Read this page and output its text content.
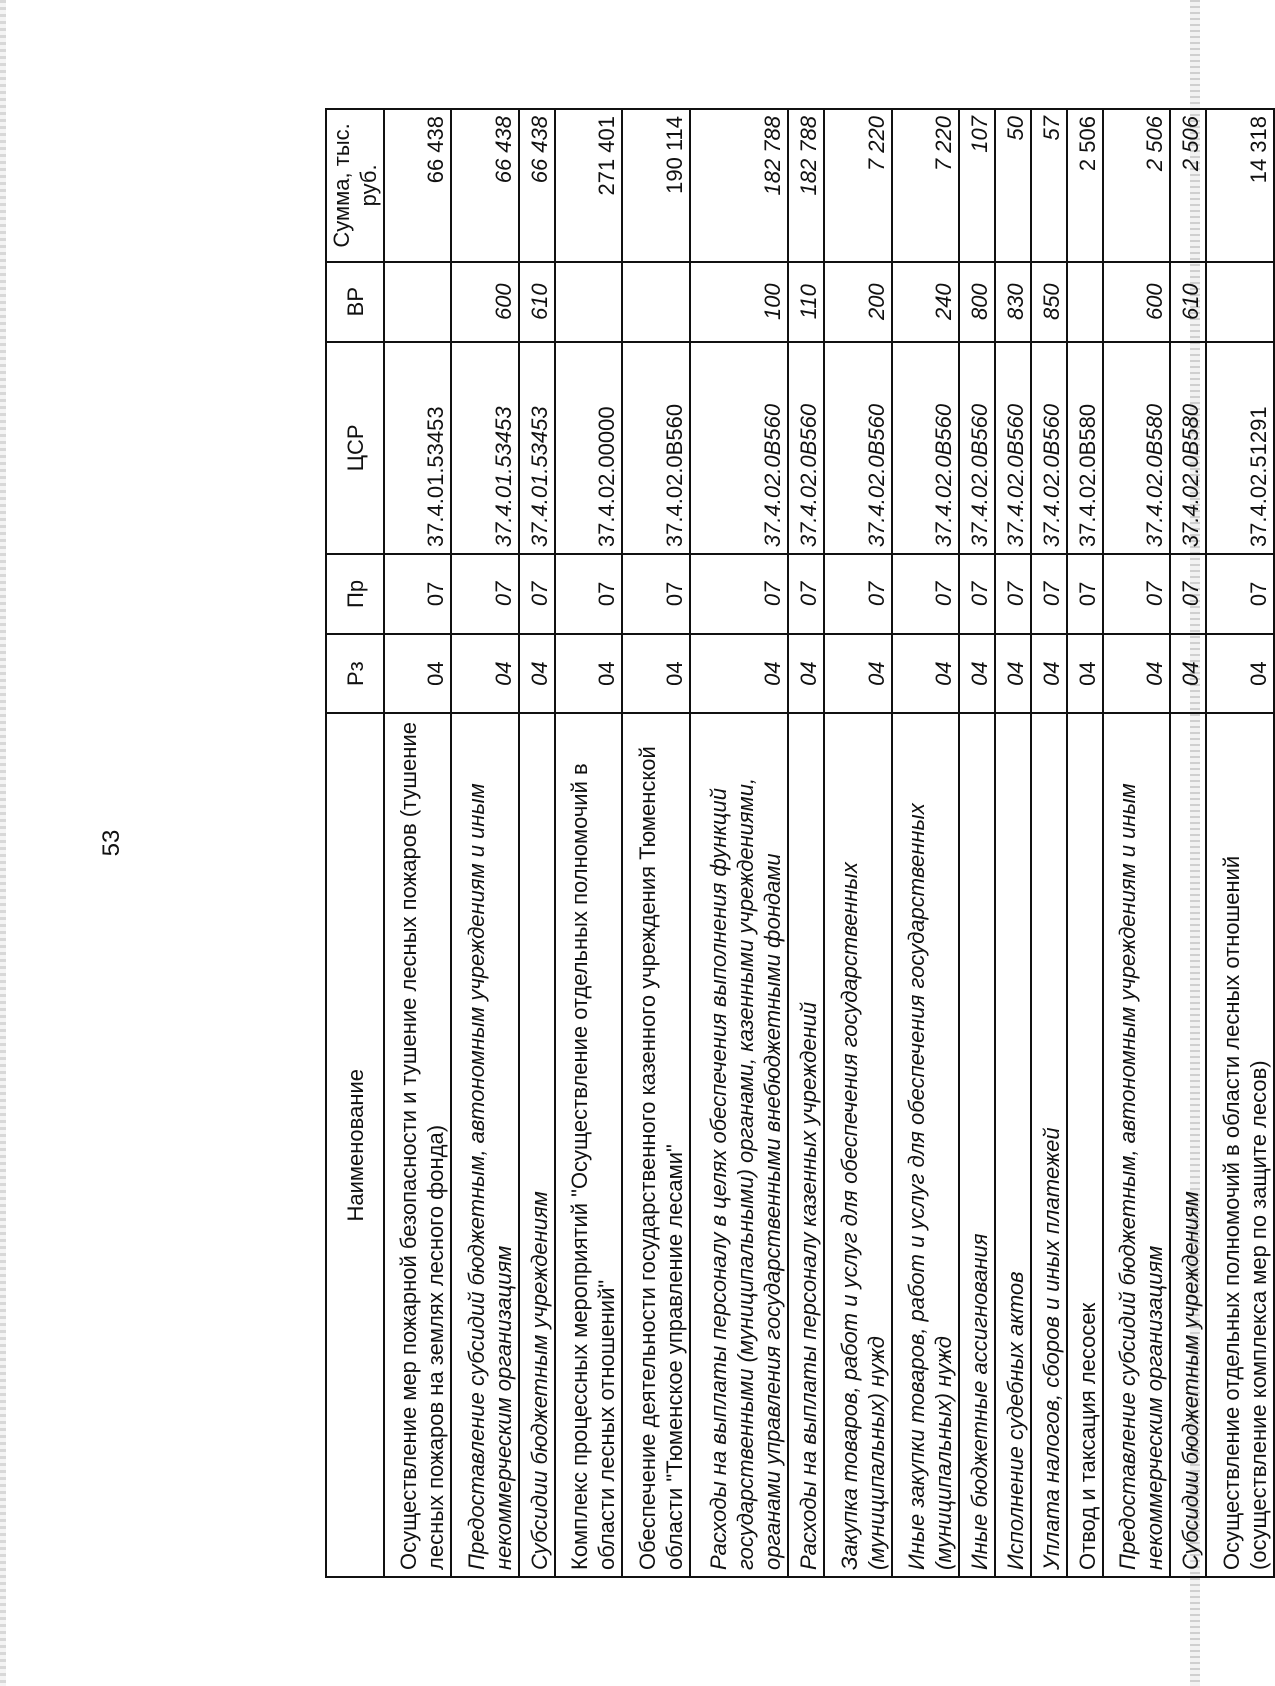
53
Наименование	Рз	Пр	ЦСР	ВР	Сумма, тыс. руб.
Осуществление мер пожарной безопасности и тушение лесных пожаров (тушение лесных пожаров на землях лесного фонда)	04	07	37.4.01.53453		66 438
Предоставление субсидий бюджетным, автономным учреждениям и иным некоммерческим организациям	04	07	37.4.01.53453	600	66 438
Субсидии бюджетным учреждениям	04	07	37.4.01.53453	610	66 438
Комплекс процессных мероприятий "Осуществление отдельных полномочий в области лесных отношений"	04	07	37.4.02.00000		271 401
Обеспечение деятельности государственного казенного учреждения Тюменской области "Тюменское управление лесами"	04	07	37.4.02.0В560		190 114
Расходы на выплаты персоналу в целях обеспечения выполнения функций государственными (муниципальными) органами, казенными учреждениями, органами управления государственными внебюджетными фондами	04	07	37.4.02.0В560	100	182 788
Расходы на выплаты персоналу казенных учреждений	04	07	37.4.02.0В560	110	182 788
Закупка товаров, работ и услуг для обеспечения государственных (муниципальных) нужд	04	07	37.4.02.0В560	200	7 220
Иные закупки товаров, работ и услуг для обеспечения государственных (муниципальных) нужд	04	07	37.4.02.0В560	240	7 220
Иные бюджетные ассигнования	04	07	37.4.02.0В560	800	107
Исполнение судебных актов	04	07	37.4.02.0В560	830	50
Уплата налогов, сборов и иных платежей	04	07	37.4.02.0В560	850	57
Отвод и таксация лесосек	04	07	37.4.02.0В580		2 506
Предоставление субсидий бюджетным, автономным учреждениям и иным некоммерческим организациям	04	07	37.4.02.0В580	600	2 506
Субсидии бюджетным учреждениям	04	07	37.4.02.0В580	610	2 506
Осуществление отдельных полномочий в области лесных отношений (осуществление комплекса мер по защите лесов)	04	07	37.4.02.51291		14 318
